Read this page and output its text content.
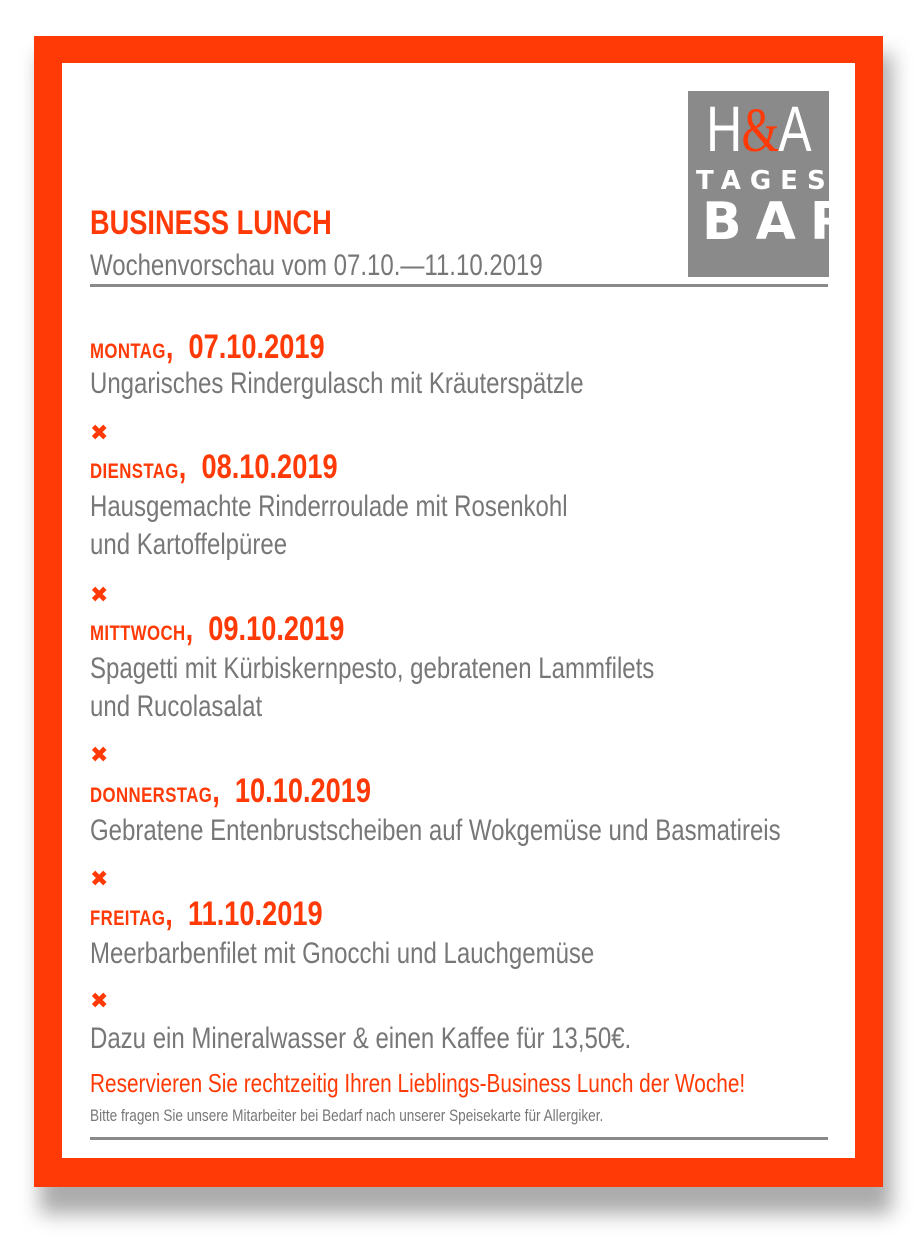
H&A
TAGES
BAR
BUSINESS LUNCH
Wochenvorschau vom 07.10.—11.10.2019
MONTAG,  07.10.2019
Ungarisches Rindergulasch mit Kräuterspätzle
✖
DIENSTAG,  08.10.2019
Hausgemachte Rinderroulade mit Rosenkohl
und Kartoffelpüree
✖
MITTWOCH,  09.10.2019
Spagetti mit Kürbiskernpesto, gebratenen Lammfilets
und Rucolasalat
✖
DONNERSTAG,  10.10.2019
Gebratene Entenbrustscheiben auf Wokgemüse und Basmatireis
✖
FREITAG,  11.10.2019
Meerbarbenfilet mit Gnocchi und Lauchgemüse
✖
Dazu ein Mineralwasser & einen Kaffee für 13,50€.
Reservieren Sie rechtzeitig Ihren Lieblings-Business Lunch der Woche!
Bitte fragen Sie unsere Mitarbeiter bei Bedarf nach unserer Speisekarte für Allergiker.
